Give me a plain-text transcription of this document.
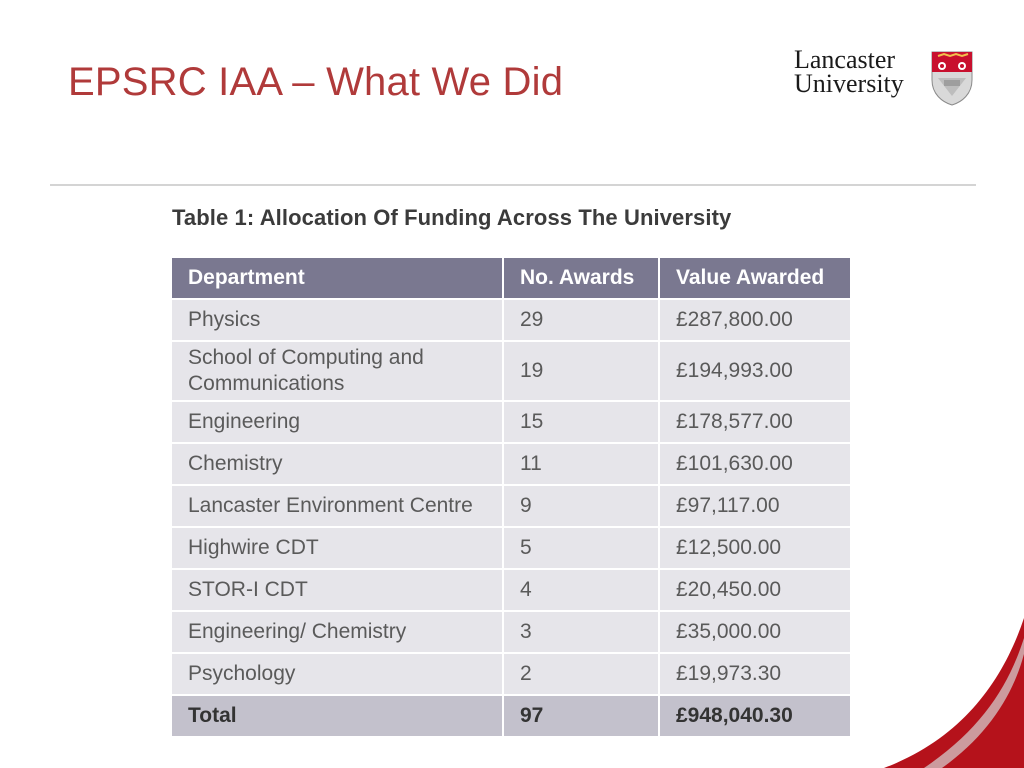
EPSRC IAA – What We Did
Lancaster
University
Table 1: Allocation Of Funding Across The University
Department	No. Awards	Value Awarded
Physics	29	£287,800.00
School of Computing and Communications	19	£194,993.00
Engineering	15	£178,577.00
Chemistry	11	£101,630.00
Lancaster Environment Centre	9	£97,117.00
Highwire CDT	5	£12,500.00
STOR-I CDT	4	£20,450.00
Engineering/ Chemistry	3	£35,000.00
Psychology	2	£19,973.30
Total	97	£948,040.30
